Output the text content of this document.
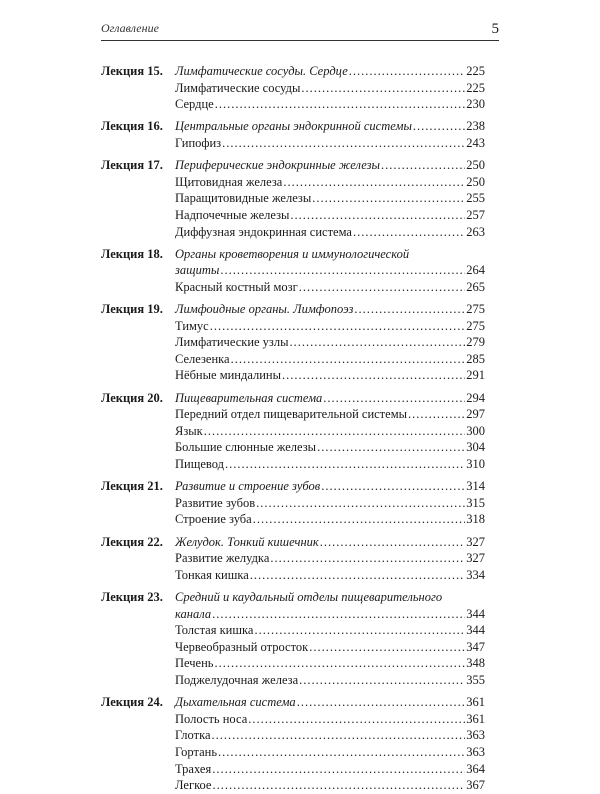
Оглавление	5
Лекция 15. Лимфатические сосуды. Сердце .....	225
Лимфатические сосуды .....	225
Сердце .....	230
Лекция 16. Центральные органы эндокринной системы .....	238
Гипофиз .....	243
Лекция 17. Периферические эндокринные железы .....	250
Щитовидная железа .....	250
Паращитовидные железы .....	255
Надпочечные железы .....	257
Диффузная эндокринная система .....	263
Лекция 18. Органы кроветворения и иммунологической
защиты .....	264
Красный костный мозг .....	265
Лекция 19. Лимфоидные органы. Лимфопоэз .....	275
Тимус .....	275
Лимфатические узлы .....	279
Селезенка .....	285
Нёбные миндалины .....	291
Лекция 20. Пищеварительная система .....	294
Передний отдел пищеварительной системы .....	297
Язык .....	300
Большие слюнные железы .....	304
Пищевод .....	310
Лекция 21. Развитие и строение зубов .....	314
Развитие зубов .....	315
Строение зуба .....	318
Лекция 22. Желудок. Тонкий кишечник .....	327
Развитие желудка .....	327
Тонкая кишка .....	334
Лекция 23. Средний и каудальный отделы пищеварительного
канала .....	344
Толстая кишка .....	344
Червеобразный отросток .....	347
Печень .....	348
Поджелудочная железа .....	355
Лекция 24. Дыхательная система .....	361
Полость носа .....	361
Глотка .....	363
Гортань .....	363
Трахея .....	364
Легкое .....	367
